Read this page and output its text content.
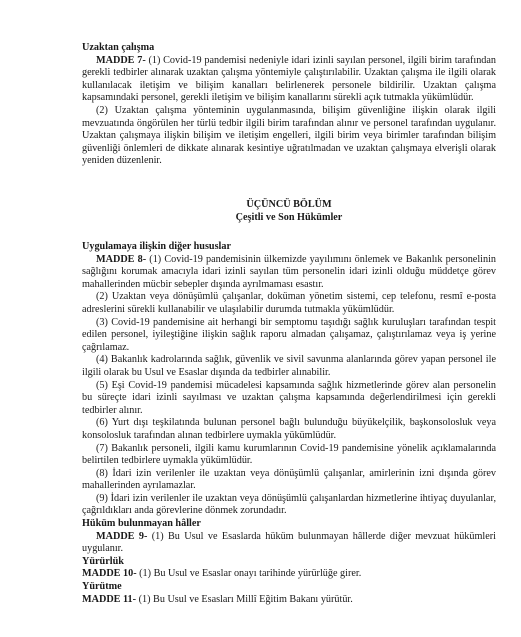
Uzaktan çalışma

MADDE 7- (1) Covid-19 pandemisi nedeniyle idari izinli sayılan personel, ilgili birim tarafından gerekli tedbirler alınarak uzaktan çalışma yöntemiyle çalıştırılabilir. Uzaktan çalışma ile ilgili olarak kullanılacak iletişim ve bilişim kanalları belirlenerek personele bildirilir. Uzaktan çalışma kapsamındaki personel, gerekli iletişim ve bilişim kanallarını sürekli açık tutmakla yükümlüdür.

(2) Uzaktan çalışma yönteminin uygulanmasında, bilişim güvenliğine ilişkin olarak ilgili mevzuatında öngörülen her türlü tedbir ilgili birim tarafından alınır ve personel tarafından uygulanır. Uzaktan çalışmaya ilişkin bilişim ve iletişim engelleri, ilgili birim veya birimler tarafından bilişim güvenliği önlemleri de dikkate alınarak kesintiye uğratılmadan ve uzaktan çalışmaya elverişli olarak yeniden düzenlenir.

ÜÇÜNCÜ BÖLÜM
Çeşitli ve Son Hükümler

Uygulamaya ilişkin diğer hususlar

MADDE 8- (1) Covid-19 pandemisinin ülkemizde yayılımını önlemek ve Bakanlık personelinin sağlığını korumak amacıyla idari izinli sayılan tüm personelin idari izinli olduğu müddetçe görev mahallerinden mücbir sebepler dışında ayrılmaması esastır.

(2) Uzaktan veya dönüşümlü çalışanlar, doküman yönetim sistemi, cep telefonu, resmî e-posta adreslerini sürekli kullanabilir ve ulaşılabilir durumda tutmakla yükümlüdür.

(3) Covid-19 pandemisine ait herhangi bir semptomu taşıdığı sağlık kuruluşları tarafından tespit edilen personel, iyileştiğine ilişkin sağlık raporu almadan çalışamaz, çalıştırılamaz veya iş yerine çağrılamaz.

(4) Bakanlık kadrolarında sağlık, güvenlik ve sivil savunma alanlarında görev yapan personel ile ilgili olarak bu Usul ve Esaslar dışında da tedbirler alınabilir.

(5) Eşi Covid-19 pandemisi mücadelesi kapsamında sağlık hizmetlerinde görev alan personelin bu süreçte idari izinli sayılması ve uzaktan çalışma kapsamında değerlendirilmesi için gerekli tedbirler alınır.

(6) Yurt dışı teşkilatında bulunan personel bağlı bulunduğu büyükelçilik, başkonsolosluk veya konsolosluk tarafından alınan tedbirlere uymakla yükümlüdür.

(7) Bakanlık personeli, ilgili kamu kurumlarının Covid-19 pandemisine yönelik açıklamalarında belirtilen tedbirlere uymakla yükümlüdür.

(8) İdari izin verilenler ile uzaktan veya dönüşümlü çalışanlar, amirlerinin izni dışında görev mahallerinden ayrılamazlar.

(9) İdari izin verilenler ile uzaktan veya dönüşümlü çalışanlardan hizmetlerine ihtiyaç duyulanlar, çağrıldıkları anda görevlerine dönmek zorundadır.

Hüküm bulunmayan hâller

MADDE 9- (1) Bu Usul ve Esaslarda hüküm bulunmayan hâllerde diğer mevzuat hükümleri uygulanır.

Yürürlük

MADDE 10- (1) Bu Usul ve Esaslar onayı tarihinde yürürlüğe girer.

Yürütme

MADDE 11- (1) Bu Usul ve Esasları Millî Eğitim Bakanı yürütür.
